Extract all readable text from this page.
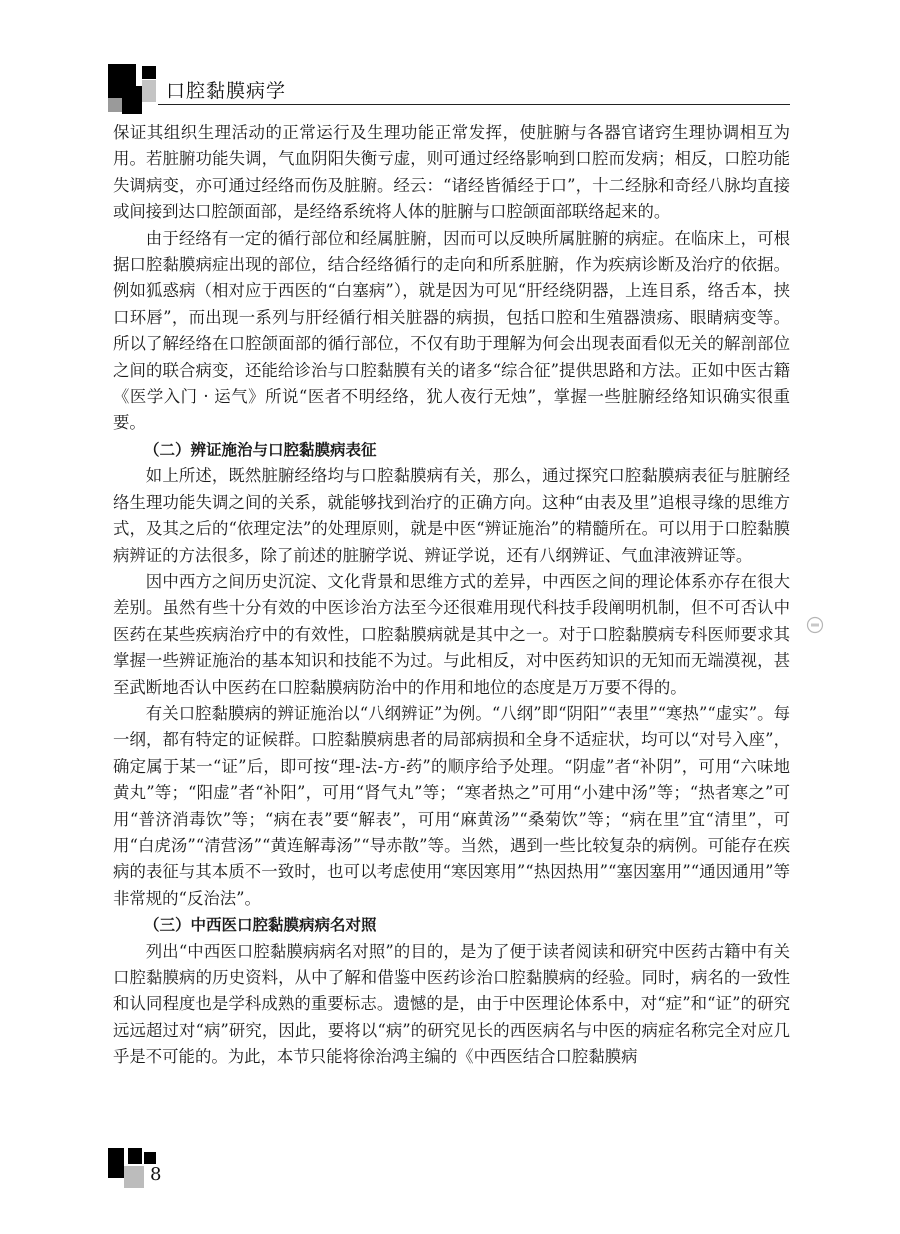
口腔黏膜病学

保证其组织生理活动的正常运行及生理功能正常发挥，使脏腑与各器官诸窍生理协调相互为用。若脏腑功能失调，气血阴阳失衡亏虚，则可通过经络影响到口腔而发病；相反，口腔功能失调病变，亦可通过经络而伤及脏腑。经云：“诸经皆循经于口”，十二经脉和奇经八脉均直接或间接到达口腔颌面部，是经络系统将人体的脏腑与口腔颌面部联络起来的。

由于经络有一定的循行部位和经属脏腑，因而可以反映所属脏腑的病症。在临床上，可根据口腔黏膜病症出现的部位，结合经络循行的走向和所系脏腑，作为疾病诊断及治疗的依据。例如狐惑病（相对应于西医的“白塞病”），就是因为可见“肝经绕阴器，上连目系，络舌本，挟口环唇”，而出现一系列与肝经循行相关脏器的病损，包括口腔和生殖器溃疡、眼睛病变等。所以了解经络在口腔颌面部的循行部位，不仅有助于理解为何会出现表面看似无关的解剖部位之间的联合病变，还能给诊治与口腔黏膜有关的诸多“综合征”提供思路和方法。正如中医古籍《医学入门 · 运气》所说“医者不明经络，犹人夜行无烛”，掌握一些脏腑经络知识确实很重要。

（二）辨证施治与口腔黏膜病表征

如上所述，既然脏腑经络均与口腔黏膜病有关，那么，通过探究口腔黏膜病表征与脏腑经络生理功能失调之间的关系，就能够找到治疗的正确方向。这种“由表及里”追根寻缘的思维方式，及其之后的“依理定法”的处理原则，就是中医“辨证施治”的精髓所在。可以用于口腔黏膜病辨证的方法很多，除了前述的脏腑学说、辨证学说，还有八纲辨证、气血津液辨证等。

因中西方之间历史沉淀、文化背景和思维方式的差异，中西医之间的理论体系亦存在很大差别。虽然有些十分有效的中医诊治方法至今还很难用现代科技手段阐明机制，但不可否认中医药在某些疾病治疗中的有效性，口腔黏膜病就是其中之一。对于口腔黏膜病专科医师要求其掌握一些辨证施治的基本知识和技能不为过。与此相反，对中医药知识的无知而无端漠视，甚至武断地否认中医药在口腔黏膜病防治中的作用和地位的态度是万万要不得的。

有关口腔黏膜病的辨证施治以“八纲辨证”为例。“八纲”即“阴阳”“表里”“寒热”“虚实”。每一纲，都有特定的证候群。口腔黏膜病患者的局部病损和全身不适症状，均可以“对号入座”，确定属于某一“证”后，即可按“理-法-方-药”的顺序给予处理。“阴虚”者“补阴”，可用“六味地黄丸”等；“阳虚”者“补阳”，可用“肾气丸”等；“寒者热之”可用“小建中汤”等；“热者寒之”可用“普济消毒饮”等；“病在表”要“解表”，可用“麻黄汤”“桑菊饮”等；“病在里”宜“清里”，可用“白虎汤”“清营汤”“黄连解毒汤”“导赤散”等。当然，遇到一些比较复杂的病例。可能存在疾病的表征与其本质不一致时，也可以考虑使用“寒因寒用”“热因热用”“塞因塞用”“通因通用”等非常规的“反治法”。

（三）中西医口腔黏膜病病名对照

列出“中西医口腔黏膜病病名对照”的目的，是为了便于读者阅读和研究中医药古籍中有关口腔黏膜病的历史资料，从中了解和借鉴中医药诊治口腔黏膜病的经验。同时，病名的一致性和认同程度也是学科成熟的重要标志。遗憾的是，由于中医理论体系中，对“症”和“证”的研究远远超过对“病”研究，因此，要将以“病”的研究见长的西医病名与中医的病症名称完全对应几乎是不可能的。为此，本节只能将徐治鸿主编的《中西医结合口腔黏膜病

8
